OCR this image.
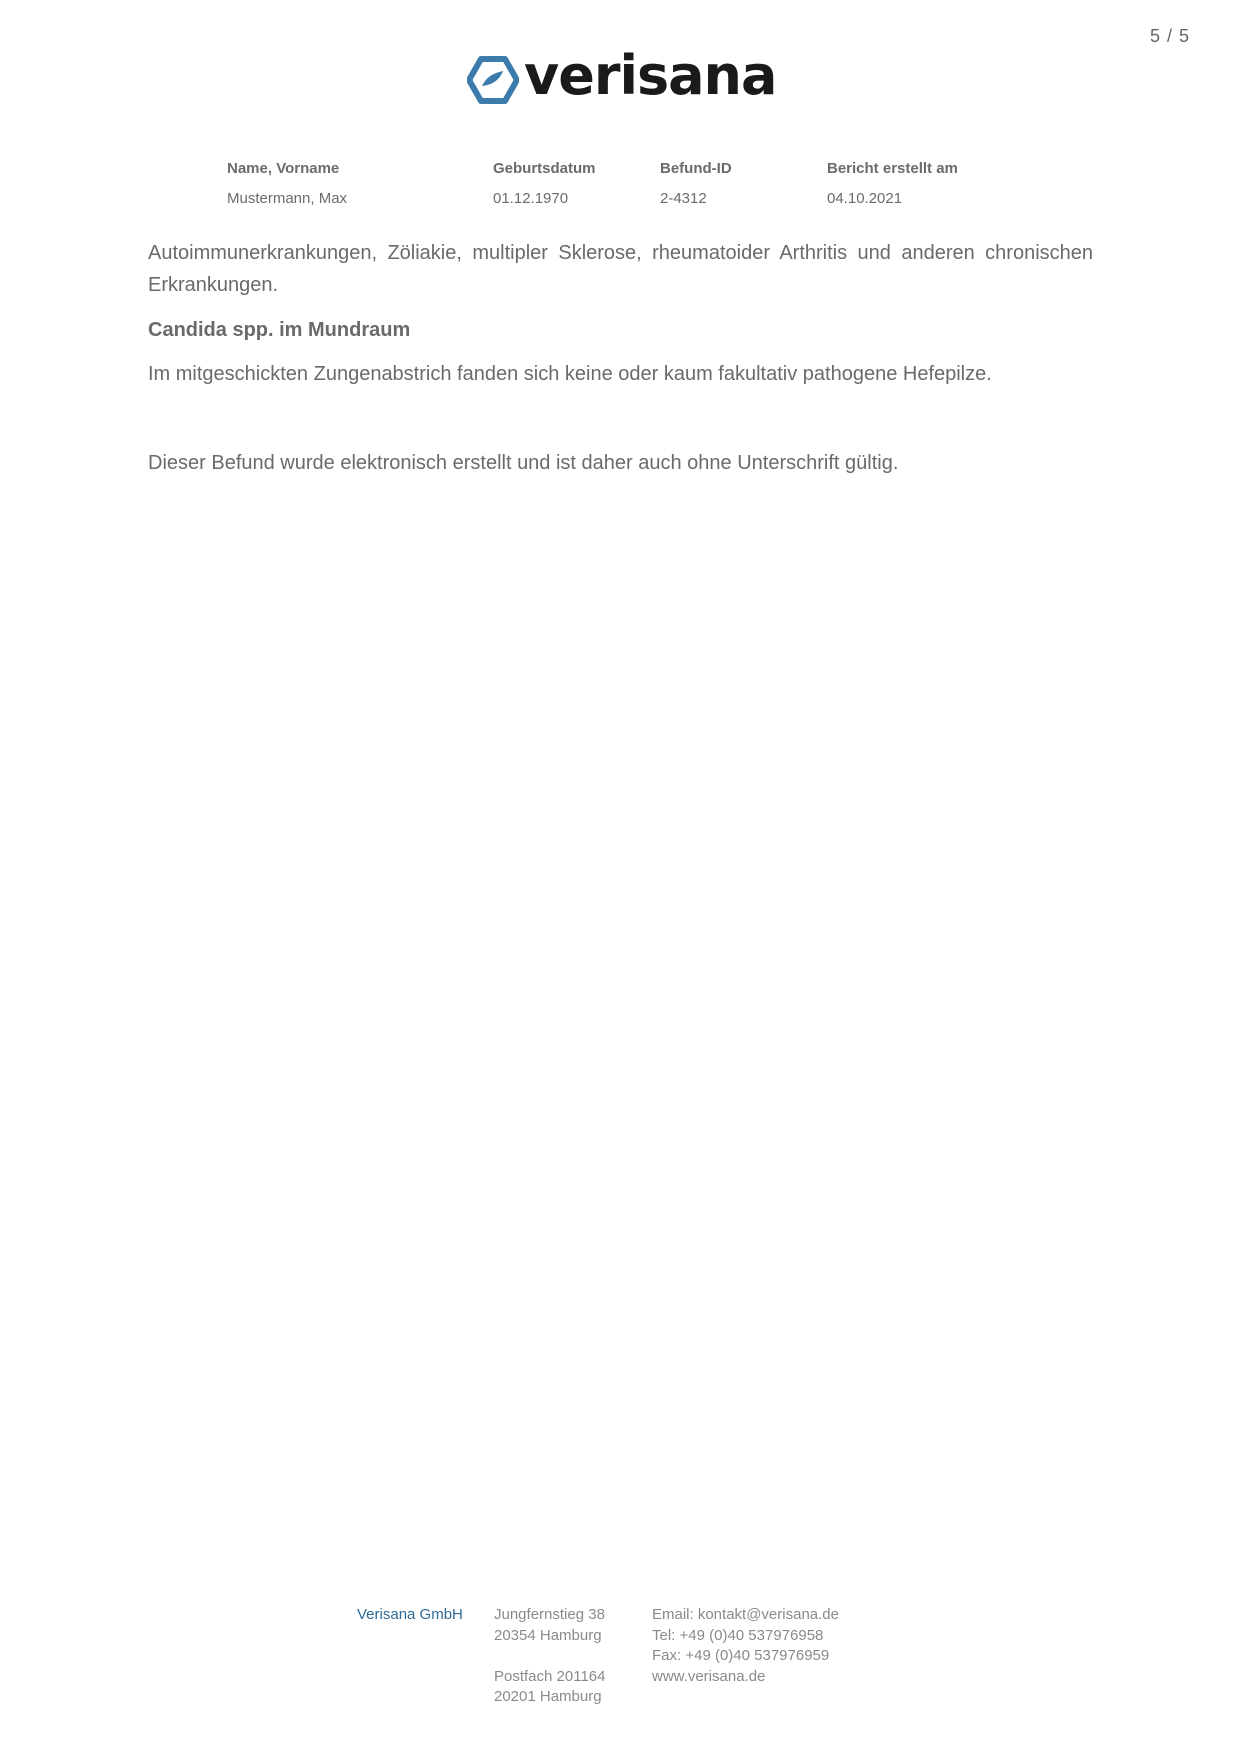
5 / 5
verisana
Name, Vorname
Mustermann, Max
Geburtsdatum
01.12.1970
Befund-ID
2-4312
Bericht erstellt am
04.10.2021
Autoimmunerkrankungen, Zöliakie, multipler Sklerose, rheumatoider Arthritis und anderen chronischen Erkrankungen.
Candida spp. im Mundraum
Im mitgeschickten Zungenabstrich fanden sich keine oder kaum fakultativ pathogene Hefepilze.
Dieser Befund wurde elektronisch erstellt und ist daher auch ohne Unterschrift gültig.
Verisana GmbH Jungfernstieg 38
20354 Hamburg
Postfach 201164
20201 Hamburg
Email: kontakt@verisana.de
Tel: +49 (0)40 537976958
Fax: +49 (0)40 537976959
www.verisana.de
